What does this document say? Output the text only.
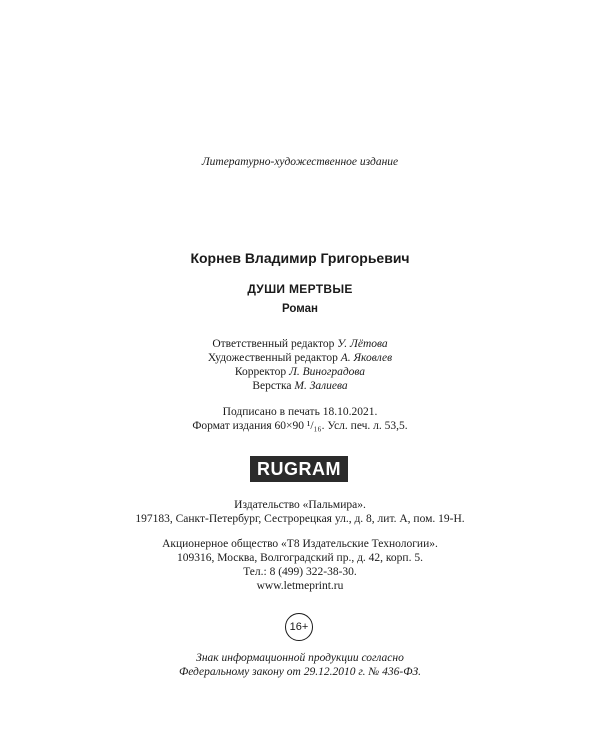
Литературно-художественное издание
Корнев Владимир Григорьевич
ДУШИ МЕРТВЫЕ
Роман
Ответственный редактор У. Лётова
Художественный редактор А. Яковлев
Корректор Л. Виноградова
Верстка М. Залиева
Подписано в печать 18.10.2021.
Формат издания 60×90 ¹/₁₆. Усл. печ. л. 53,5.
RUGRAM
Издательство «Пальмира».
197183, Санкт-Петербург, Сестрорецкая ул., д. 8, лит. А, пом. 19-Н.
Акционерное общество «Т8 Издательские Технологии».
109316, Москва, Волгоградский пр., д. 42, корп. 5.
Тел.: 8 (499) 322-38-30.
www.letmeprint.ru
16+
Знак информационной продукции согласно
Федеральному закону от 29.12.2010 г. № 436-ФЗ.
